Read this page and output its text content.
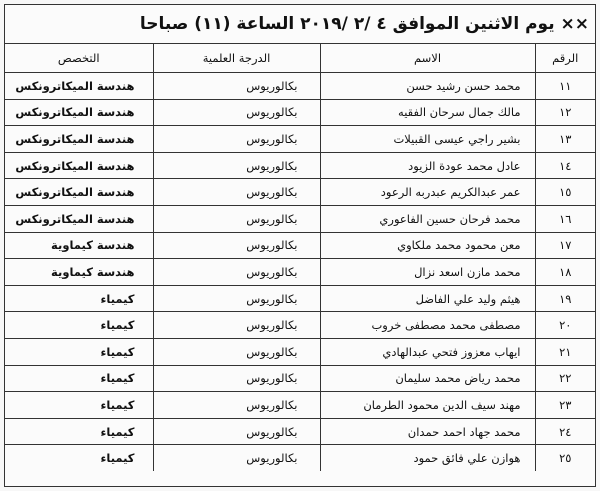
×× يوم الاثنين الموافق ٤ /٢ /٢٠١٩ الساعة (١١) صباحا
الرقم	الاسم	الدرجة العلمية	التخصص
١١	محمد حسن رشيد حسن	بكالوريوس	هندسة الميكاترونكس
١٢	مالك جمال سرحان الفقيه	بكالوريوس	هندسة الميكاترونكس
١٣	بشير راجي عيسى القبيلات	بكالوريوس	هندسة الميكاترونكس
١٤	عادل محمد عودة الزيود	بكالوريوس	هندسة الميكاترونكس
١٥	عمر عبدالكريم عبدربه الرعود	بكالوريوس	هندسة الميكاترونكس
١٦	محمد فرحان حسين الفاعوري	بكالوريوس	هندسة الميكاترونكس
١٧	معن محمود محمد ملكاوي	بكالوريوس	هندسة كيماوية
١٨	محمد مازن اسعد نزال	بكالوريوس	هندسة كيماوية
١٩	هيثم وليد علي الفاضل	بكالوريوس	كيمياء
٢٠	مصطفى محمد مصطفى خروب	بكالوريوس	كيمياء
٢١	ايهاب معزوز فتحي عبدالهادي	بكالوريوس	كيمياء
٢٢	محمد رياض محمد سليمان	بكالوريوس	كيمياء
٢٣	مهند سيف الدين محمود الطرمان	بكالوريوس	كيمياء
٢٤	محمد جهاد احمد حمدان	بكالوريوس	كيمياء
٢٥	هوازن علي فائق حمود	بكالوريوس	كيمياء
